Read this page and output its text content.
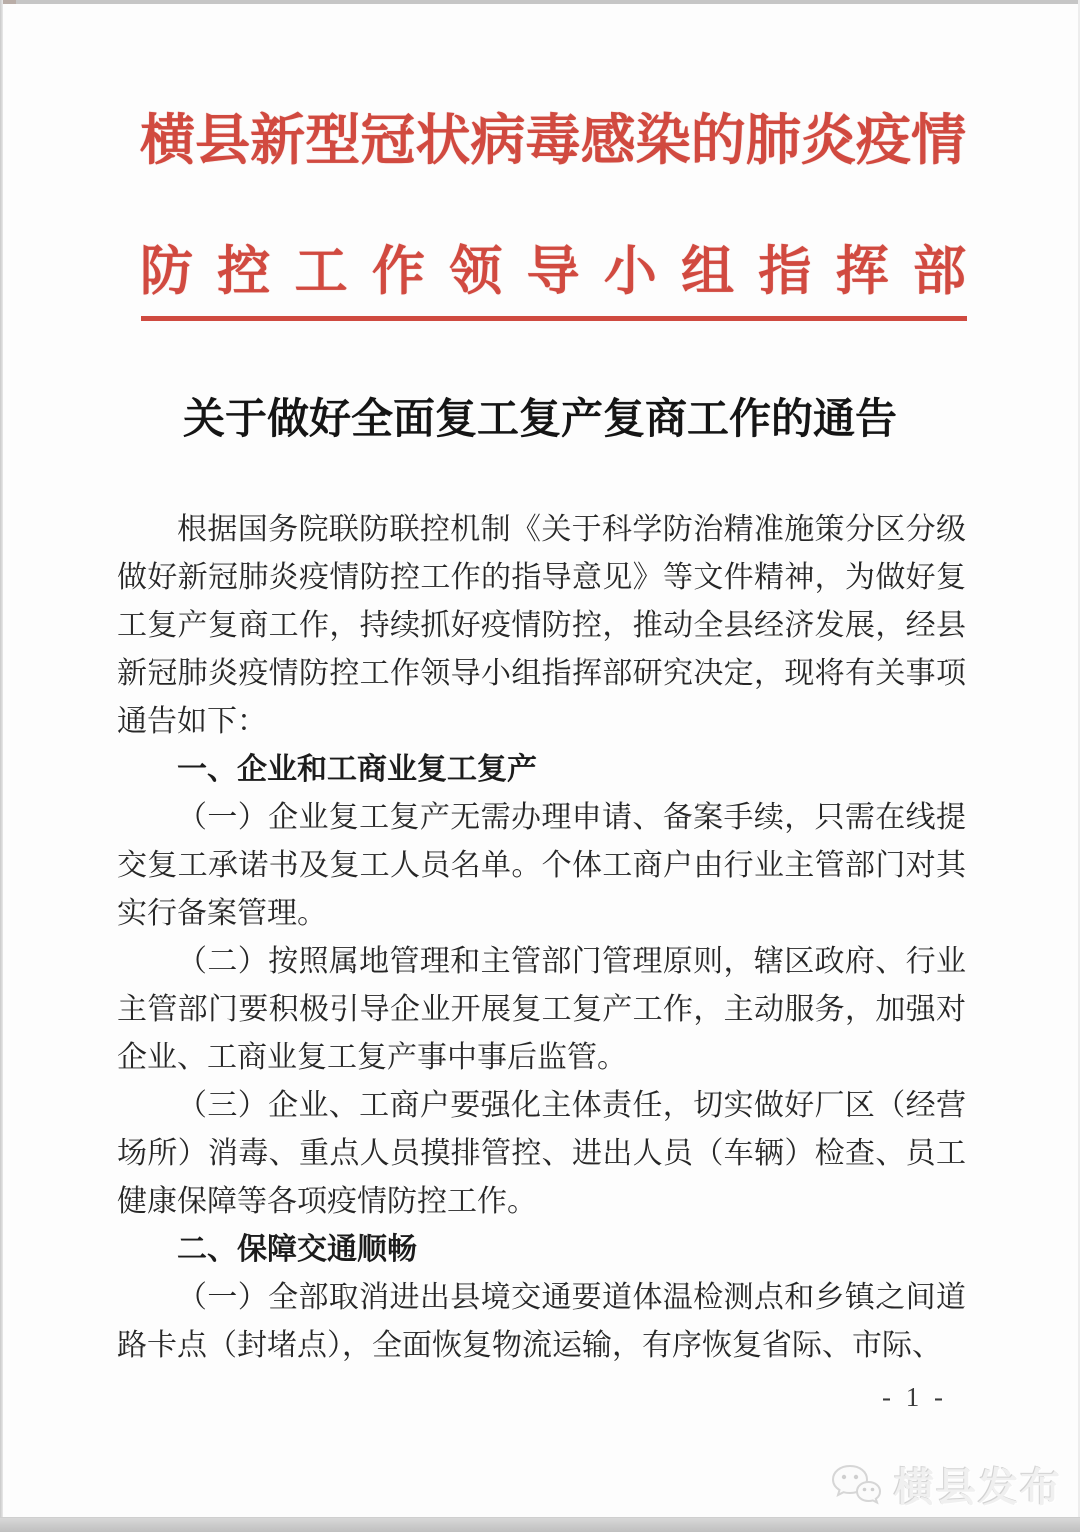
横县新型冠状病毒感染的肺炎疫情
防控工作领导小组指挥部
关于做好全面复工复产复商工作的通告

根据国务院联防联控机制《关于科学防治精准施策分区分级做好新冠肺炎疫情防控工作的指导意见》等文件精神，为做好复工复产复商工作，持续抓好疫情防控，推动全县经济发展，经县新冠肺炎疫情防控工作领导小组指挥部研究决定，现将有关事项通告如下：

一、企业和工商业复工复产

（一）企业复工复产无需办理申请、备案手续，只需在线提交复工承诺书及复工人员名单。个体工商户由行业主管部门对其实行备案管理。

（二）按照属地管理和主管部门管理原则，辖区政府、行业主管部门要积极引导企业开展复工复产工作，主动服务，加强对企业、工商业复工复产事中事后监管。

（三）企业、工商户要强化主体责任，切实做好厂区（经营场所）消毒、重点人员摸排管控、进出人员（车辆）检查、员工健康保障等各项疫情防控工作。

二、保障交通顺畅

（一）全部取消进出县境交通要道体温检测点和乡镇之间道路卡点（封堵点），全面恢复物流运输，有序恢复省际、市际、

- 1 -
横县发布
